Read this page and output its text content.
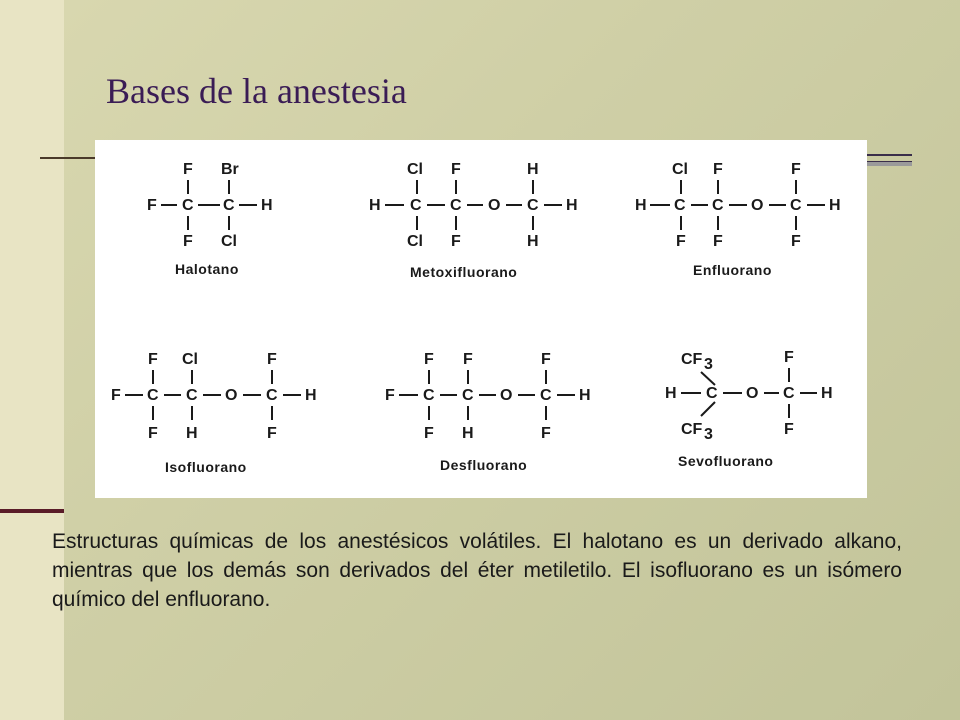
Bases de la anestesia
F Br
F C C H
F Cl
Halotano
Cl F	H
H C C O C H
Cl F	H
Metoxifluorano
Cl F	F
H C C O C H
F F	F
Enfluorano
F Cl	F
F C C O C H
F H	F
Isofluorano
F F	F
F C C O C H
F H	F
Desfluorano
CF 3	F
H C O C H
CF 3	F
Sevofluorano

Estructuras químicas de los anestésicos volátiles. El halotano es un derivado alkano, mientras que los demás son derivados del éter metiletilo. El isofluorano es un isómero químico del enfluorano.
